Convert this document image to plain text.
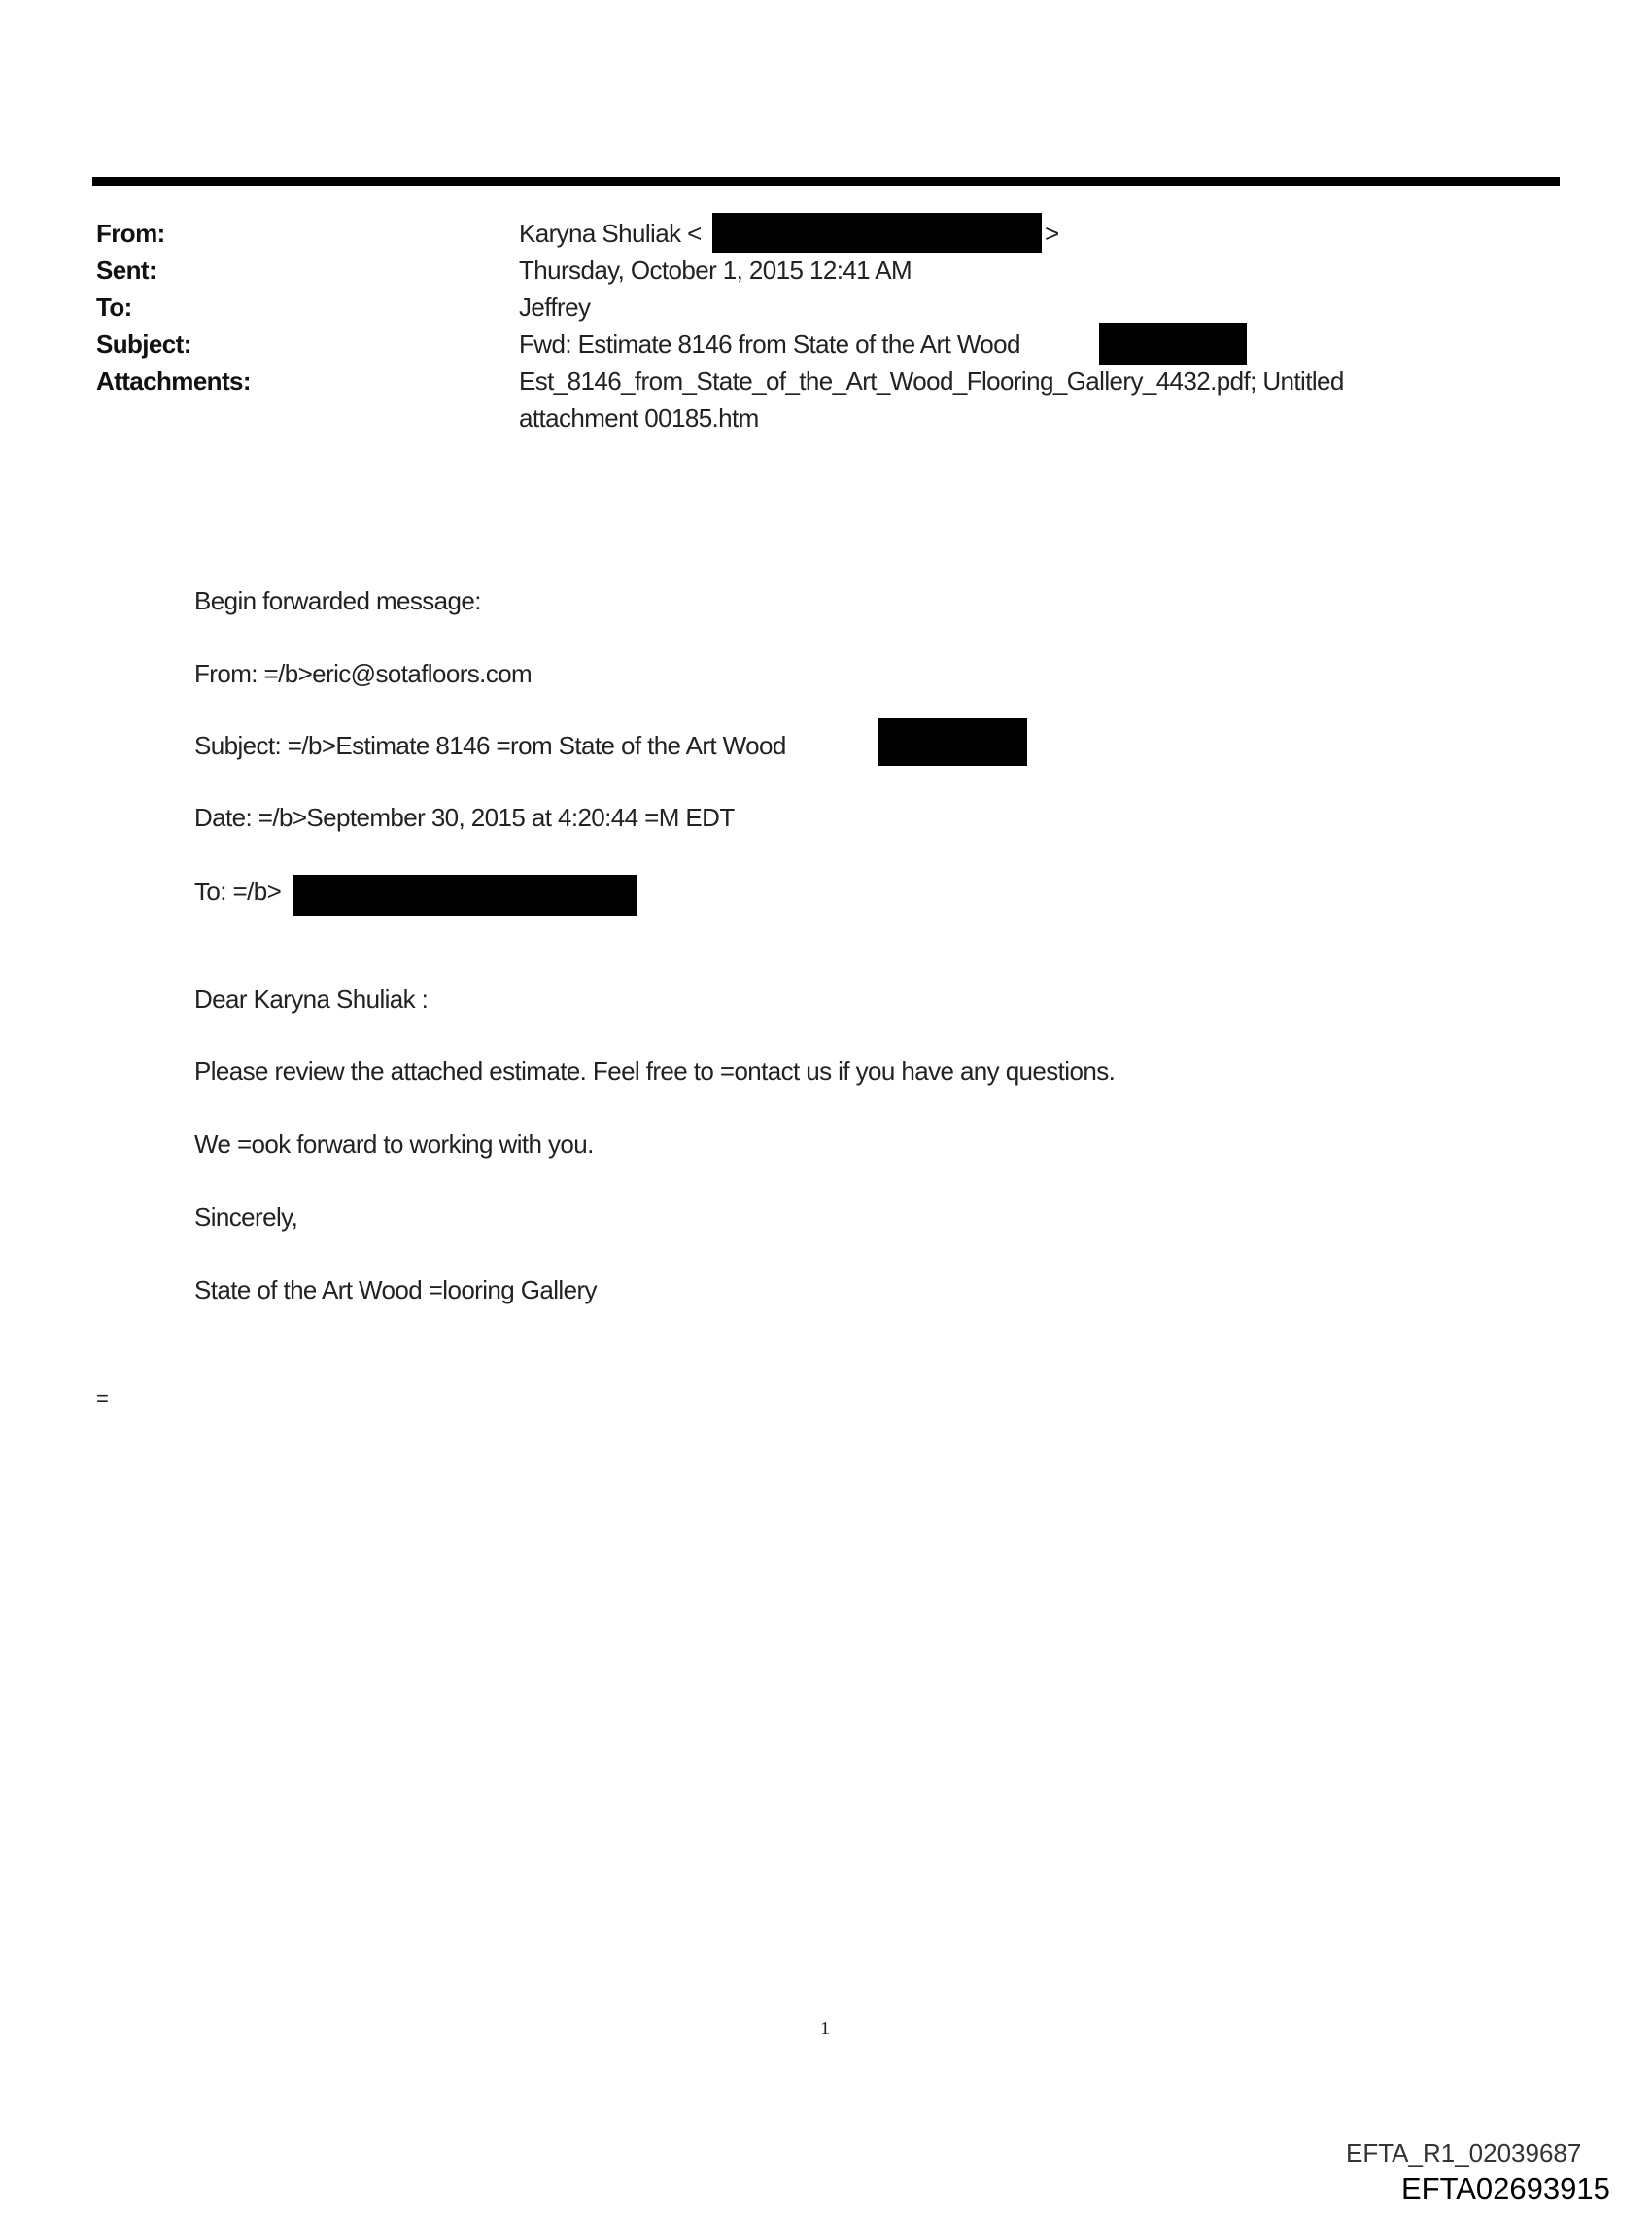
From:	Karyna Shuliak <	>
Sent:	Thursday, October 1, 2015 12:41 AM
To:	Jeffrey
Subject:	Fwd: Estimate 8146 from State of the Art Wood
Attachments:	Est_8146_from_State_of_the_Art_Wood_Flooring_Gallery_4432.pdf; Untitled
attachment 00185.htm
Begin forwarded message:
From: =/b>eric@sotafloors.com
Subject: =/b>Estimate 8146 =rom State of the Art Wood
Date: =/b>September 30, 2015 at 4:20:44 =M EDT
To: =/b>
Dear Karyna Shuliak :
Please review the attached estimate. Feel free to =ontact us if you have any questions.
We =ook forward to working with you.
Sincerely,
State of the Art Wood =looring Gallery
=
1
EFTA_R1_02039687
EFTA02693915
